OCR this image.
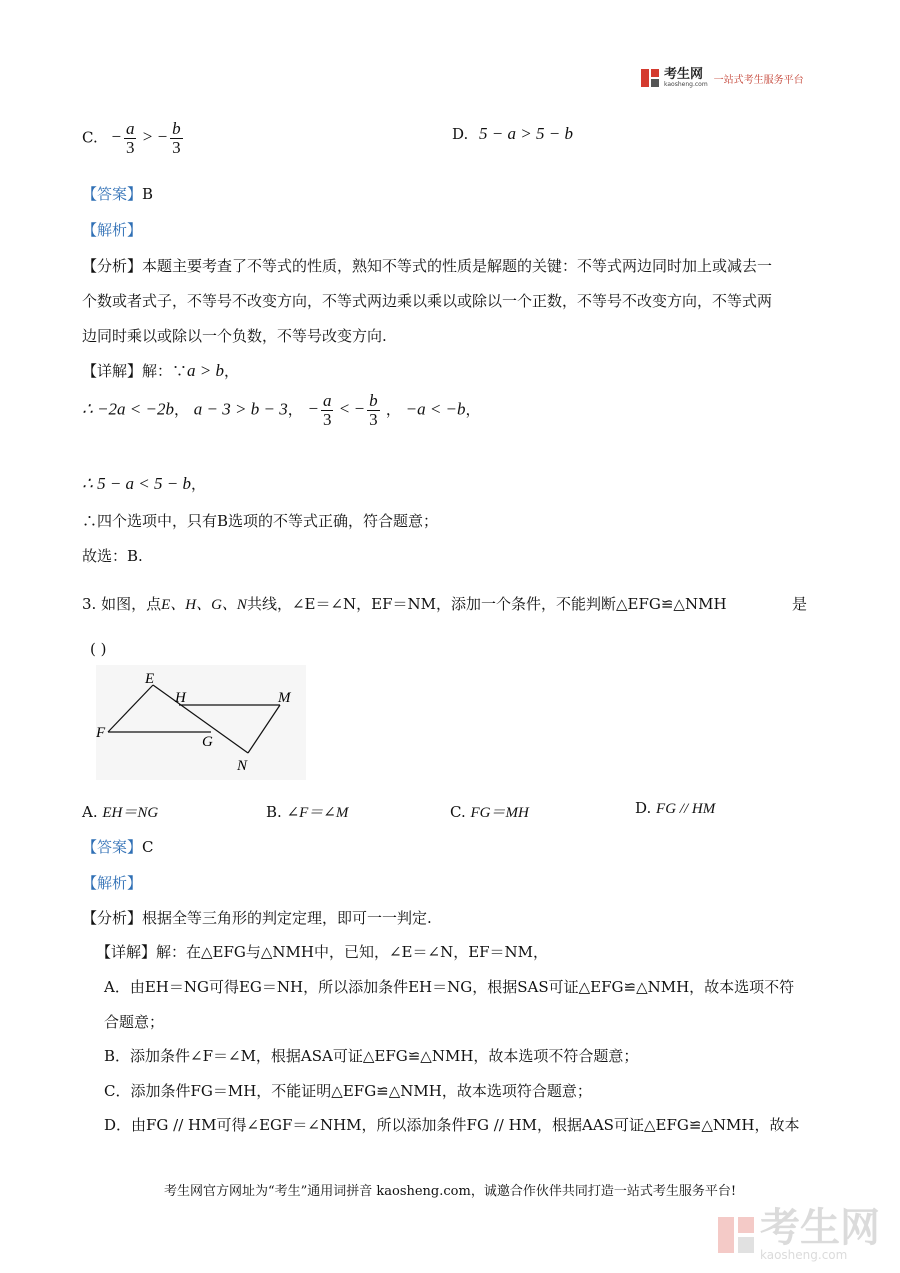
考生网
kaosheng.com 一站式考生服务平台
C. − $\frac{a}{3}$ > − $\frac{b}{3}$	D. 5 − a > 5 − b
【答案】B
【解析】
【分析】本题主要考查了不等式的性质，熟知不等式的性质是解题的关键：不等式两边同时加上或减去一
个数或者式子，不等号不改变方向，不等式两边乘以乘以或除以一个正数，不等号不改变方向，不等式两
边同时乘以或除以一个负数，不等号改变方向.
【详解】解：∵a > b，
∴ −2a < −2b， a − 3 > b − 3， − $\frac{a}{3}$ < − $\frac{b}{3}$ ， −a < −b，
∴ 5 − a < 5 − b，
∴四个选项中，只有B选项的不等式正确，符合题意；
故选：B.
3. 如图，点E、H、G、N共线，∠E＝∠N，EF＝NM，添加一个条件，不能判断△EFG≌△NMH	是
( )
E
H	M
F
G
N
A. EH＝NG	B. ∠F＝∠M	C. FG＝MH	D. FG // HM
【答案】C
【解析】
【分析】根据全等三角形的判定定理，即可一一判定.
【详解】解：在△EFG与△NMH中，已知，∠E＝∠N，EF＝NM，
A．由EH＝NG可得EG＝NH，所以添加条件EH＝NG，根据SAS可证△EFG≌△NMH，故本选项不符
合题意；
B．添加条件∠F＝∠M，根据ASA可证△EFG≌△NMH，故本选项不符合题意；
C．添加条件FG＝MH，不能证明△EFG≌△NMH，故本选项符合题意；
D．由FG // HM可得∠EGF＝∠NHM，所以添加条件FG // HM，根据AAS可证△EFG≌△NMH，故本
考生网官方网址为“考生”通用词拼音 kaosheng.com，诚邀合作伙伴共同打造一站式考生服务平台!
考生网
kaosheng.com
